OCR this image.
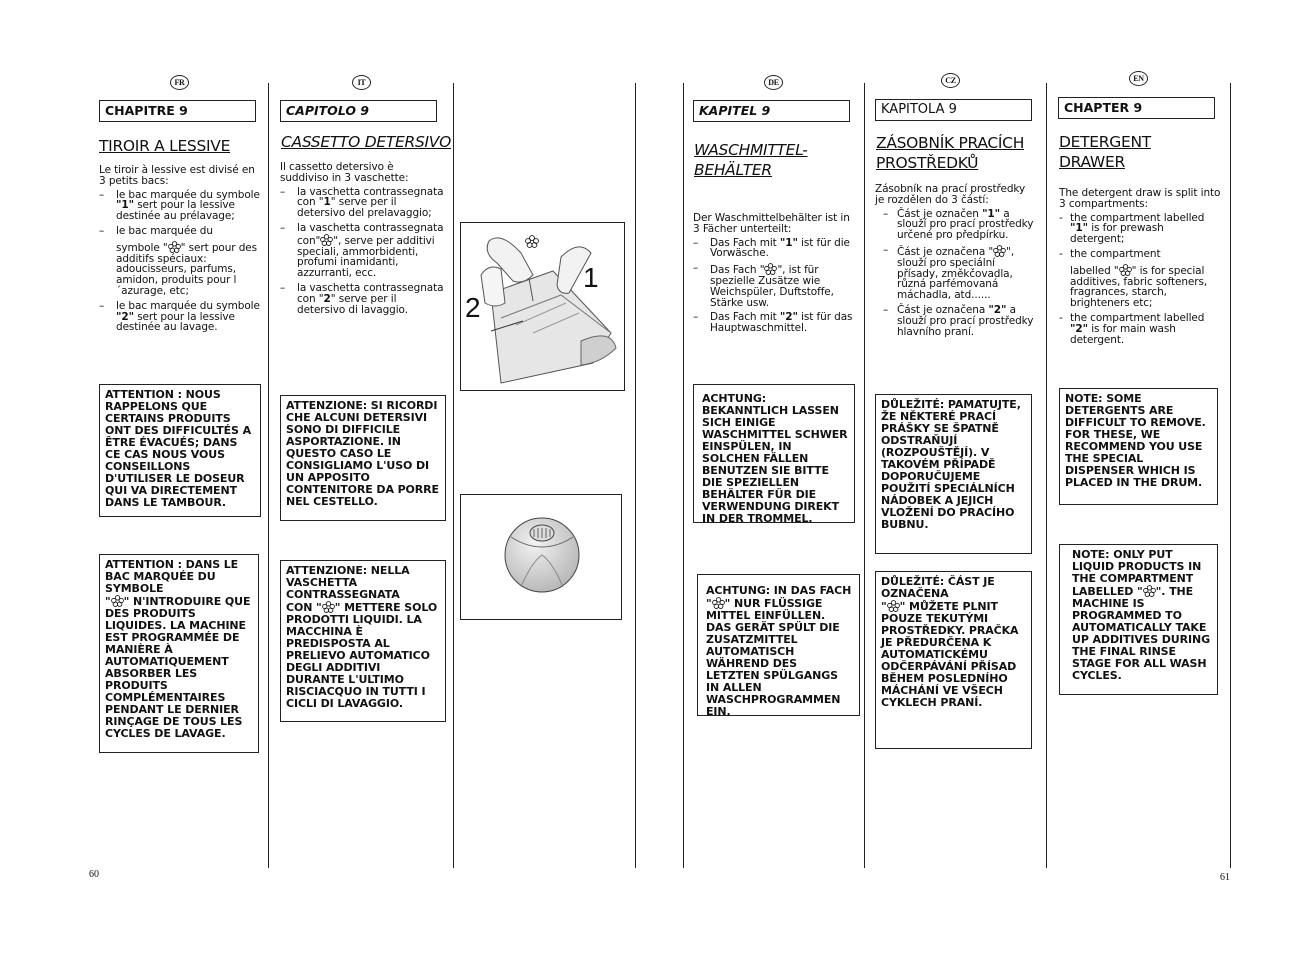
FR
CHAPITRE 9
TIROIR A LESSIVE

Le tiroir à lessive est divisé en 3 petits bacs:

– le bac marquée du symbole "1" sert pour la lessive destinée au prélavage;
– le bac marquée du
symbole " " sert pour des additifs spéciaux: adoucisseurs, parfums, amidon, produits pour l´azurage, etc;
– le bac marquée du symbole "2" sert pour la lessive destinée au lavage.
ATTENTION : NOUS RAPPELONS QUE CERTAINS PRODUITS ONT DES DIFFICULTÉS A ÊTRE ÉVACUÉS; DANS CE CAS NOUS VOUS CONSEILLONS D'UTILISER LE DOSEUR QUI VA DIRECTEMENT DANS LE TAMBOUR.
ATTENTION : DANS LE BAC MARQUÉE DU SYMBOLE
" " N'INTRODUIRE QUE DES PRODUITS LIQUIDES. LA MACHINE EST PROGRAMMÉE DE MANIÈRE À AUTOMATIQUEMENT ABSORBER LES PRODUITS COMPLÉMENTAIRES PENDANT LE DERNIER RINÇAGE DE TOUS LES CYCLES DE LAVAGE.
IT
CAPITOLO 9
CASSETTO DETERSIVO

Il cassetto detersivo è suddiviso in 3 vaschette:

– la vaschetta contrassegnata con "1" serve per il detersivo del prelavaggio;
– la vaschetta contrassegnata con" ", serve per additivi speciali, ammorbidenti, profumi inamidanti, azzurranti, ecc.
– la vaschetta contrassegnata con "2" serve per il detersivo di lavaggio.
ATTENZIONE: SI RICORDI CHE ALCUNI DETERSIVI SONO DI DIFFICILE ASPORTAZIONE. IN QUESTO CASO LE CONSIGLIAMO L'USO DI UN APPOSITO CONTENITORE DA PORRE NEL CESTELLO.
ATTENZIONE: NELLA VASCHETTA CONTRASSEGNATA
CON " " METTERE SOLO PRODOTTI LIQUIDI. LA MACCHINA È PREDISPOSTA AL PRELIEVO AUTOMATICO DEGLI ADDITIVI DURANTE L'ULTIMO RISCIACQUO IN TUTTI I CICLI DI LAVAGGIO.
1
2
DE
KAPITEL 9
WASCHMITTEL-
BEHÄLTER

Der Waschmittelbehälter ist in 3 Fächer unterteilt:

– Das Fach mit "1" ist für die Vorwäsche.
– Das Fach " ", ist für spezielle Zusätze wie Weichspüler, Duftstoffe, Stärke usw.
– Das Fach mit "2" ist für das Hauptwaschmittel.
ACHTUNG: BEKANNTLICH LASSEN SICH EINIGE WASCHMITTEL SCHWER EINSPÜLEN, IN SOLCHEN FÄLLEN BENUTZEN SIE BITTE DIE SPEZIELLEN BEHÄLTER FÜR DIE VERWENDUNG DIREKT IN DER TROMMEL.
ACHTUNG: IN DAS FACH " " NUR FLÜSSIGE MITTEL EINFÜLLEN. DAS GERÄT SPÜLT DIE ZUSATZMITTEL AUTOMATISCH WÄHREND DES LETZTEN SPÜLGANGS IN ALLEN WASCHPROGRAMMEN EIN.
CZ
KAPITOLA 9
ZÁSOBNÍK PRACÍCH
PROSTŘEDKŮ

Zásobník na prací prostředky je rozdělen do 3 částí:

– Část je označen "1" a slouží pro prací prostředky určené pro předpírku.
– Část je označena " ", slouží pro speciální přísady, změkčovadla, různá parfémovaná máchadla, atd......
– Část je označena "2" a slouží pro prací prostředky hlavního praní.
DŮLEŽITÉ: PAMATUJTE, ŽE NĚKTERÉ PRACÍ PRÁŠKY SE ŠPATNĚ ODSTRAŇUJÍ (ROZPOUŠTĚJÍ). V TAKOVÉM PŘÍPADĚ DOPORUČUJEME POUŽITÍ SPECIÁLNÍCH NÁDOBEK A JEJICH VLOŽENÍ DO PRACÍHO BUBNU.
DŮLEŽITÉ: ČÁST JE OZNAČENA
" " MŮŽETE PLNIT POUZE TEKUTÝMI PROSTŘEDKY. PRAČKA JE PŘEDURČENA K AUTOMATICKÉMU ODČERPÁVÁNÍ PŘÍSAD BĚHEM POSLEDNÍHO MÁCHÁNÍ VE VŠECH CYKLECH PRANÍ.
EN
CHAPTER 9
DETERGENT
DRAWER

The detergent draw is split into 3 compartments:

- the compartment labelled "1" is for prewash detergent;
- the compartment
labelled " " is for special additives, fabric softeners, fragrances, starch, brighteners etc;
- the compartment labelled "2" is for main wash detergent.
NOTE: SOME DETERGENTS ARE DIFFICULT TO REMOVE. FOR THESE, WE RECOMMEND YOU USE THE SPECIAL DISPENSER WHICH IS PLACED IN THE DRUM.
NOTE: ONLY PUT LIQUID PRODUCTS IN THE COMPARTMENT
LABELLED " ". THE MACHINE IS PROGRAMMED TO AUTOMATICALLY TAKE UP ADDITIVES DURING THE FINAL RINSE STAGE FOR ALL WASH CYCLES.
60	61
